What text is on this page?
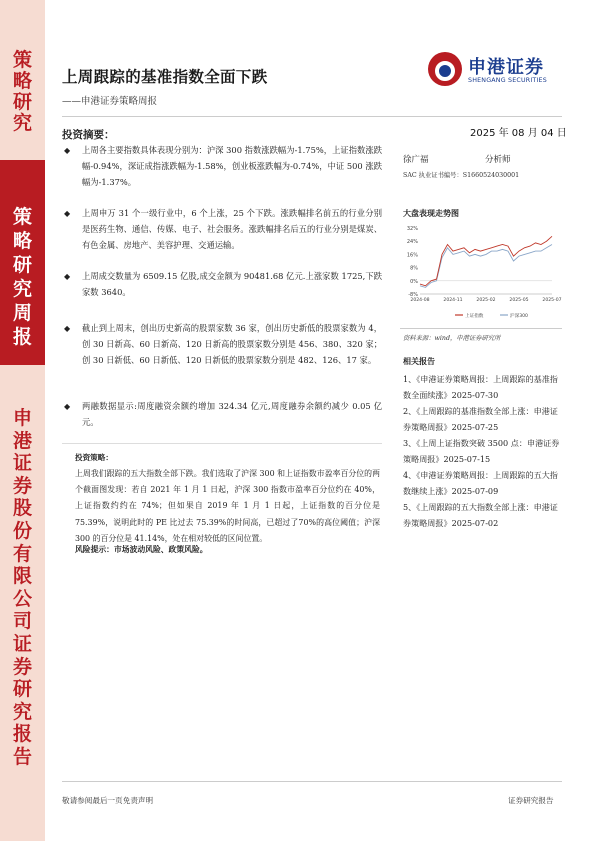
策
略
研
究
策
略
研
究
周
报
申
港
证
券
股
份
有
限
公
司
证
券
研
究
报
告
上周跟踪的基准指数全面下跌
——申港证券策略周报
申港证券
SHENGANG SECURITIES
投资摘要：	2025 年 08 月 04 日
◆ 上周各主要指数具体表现分别为：沪深 300 指数涨跌幅为-1.75%，上证指数涨跌幅-0.94%，深证成指涨跌幅为-1.58%，创业板涨跌幅为-0.74%，中证 500 涨跌幅为-1.37%。
◆ 上周申万 31 个一级行业中，6 个上涨，25 个下跌。涨跌幅排名前五的行业分别是医药生物、通信、传媒、电子、社会服务。涨跌幅排名后五的行业分别是煤炭、有色金属、房地产、美容护理、交通运输。
◆ 上周成交数量为 6509.15 亿股,成交金额为 90481.68 亿元.上涨家数 1725,下跌家数 3640。
◆ 截止到上周末，创出历史新高的股票家数 36 家，创出历史新低的股票家数为 4，创 30 日新高、60 日新高、120 日新高的股票家数分别是 456、380、320 家；创 30 日新低、60 日新低、120 日新低的股票家数分别是 482、126、17 家。
◆ 两融数据显示:周度融资余额约增加 324.34 亿元,周度融券余额约减少 0.05 亿元。
徐广福	分析师
SAC 执业证书编号：S1660524030001
大盘表现走势图
32%
24%
16%
8%
0%
-8%
2024-08	2024-11	2025-02	2025-05	2025-07
上证指数	沪深300
资料来源：wind，申港证券研究所
相关报告
1、《申港证券策略周报：上周跟踪的基准指数全面续涨》2025-07-30
2、《上周跟踪的基准指数全部上涨：申港证券策略周报》2025-07-25
3、《上周上证指数突破 3500 点：申港证券策略周报》2025-07-15
4、《申港证券策略周报：上周跟踪的五大指数继续上涨》2025-07-09
5、《上周跟踪的五大指数全部上涨：申港证券策略周报》2025-07-02
投资策略：
上周我们跟踪的五大指数全部下跌。我们选取了沪深 300 和上证指数市盈率百分位的两个截面图发现：若自 2021 年 1 月 1 日起，沪深 300 指数市盈率百分位约在 40%，上证指数约约在 74%；但如果自 2019 年 1 月 1 日起，上证指数的百分位是 75.39%，说明此时的 PE 比过去 75.39%的时间高，已超过了70%的高位阈值；沪深 300 的百分位是 41.14%，处在相对较低的区间位置。
风险提示：市场波动风险、政策风险。
敬请参阅最后一页免责声明	证券研究报告
